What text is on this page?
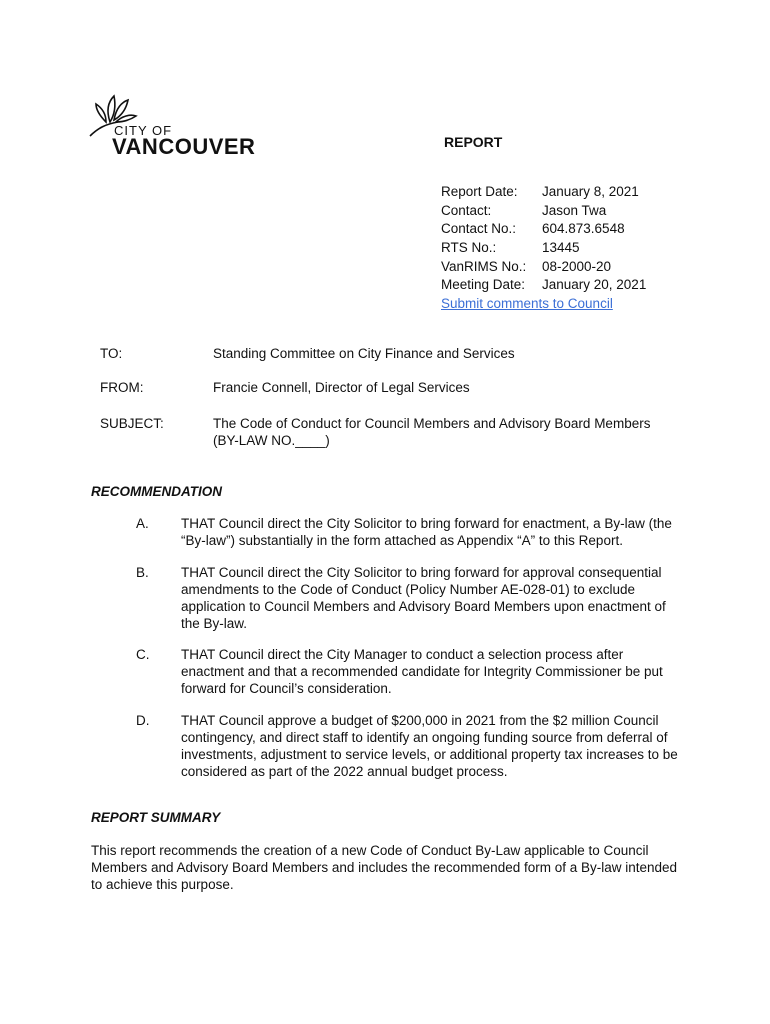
CITY OF
VANCOUVER	REPORT
Report Date:	January 8, 2021
Contact:	Jason Twa
Contact No.:	604.873.6548
RTS No.:	13445
VanRIMS No.:	08-2000-20
Meeting Date:	January 20, 2021
Submit comments to Council
TO:	Standing Committee on City Finance and Services
FROM:	Francie Connell, Director of Legal Services
SUBJECT:	The Code of Conduct for Council Members and Advisory Board Members (BY-LAW NO.____)
RECOMMENDATION
A.	THAT Council direct the City Solicitor to bring forward for enactment, a By-law (the “By-law”) substantially in the form attached as Appendix “A” to this Report.
B.	THAT Council direct the City Solicitor to bring forward for approval consequential amendments to the Code of Conduct (Policy Number AE-028-01) to exclude application to Council Members and Advisory Board Members upon enactment of the By-law.
C.	THAT Council direct the City Manager to conduct a selection process after enactment and that a recommended candidate for Integrity Commissioner be put forward for Council’s consideration.
D.	THAT Council approve a budget of $200,000 in 2021 from the $2 million Council contingency, and direct staff to identify an ongoing funding source from deferral of investments, adjustment to service levels, or additional property tax increases to be considered as part of the 2022 annual budget process.
REPORT SUMMARY
This report recommends the creation of a new Code of Conduct By-Law applicable to Council Members and Advisory Board Members and includes the recommended form of a By-law intended to achieve this purpose.
